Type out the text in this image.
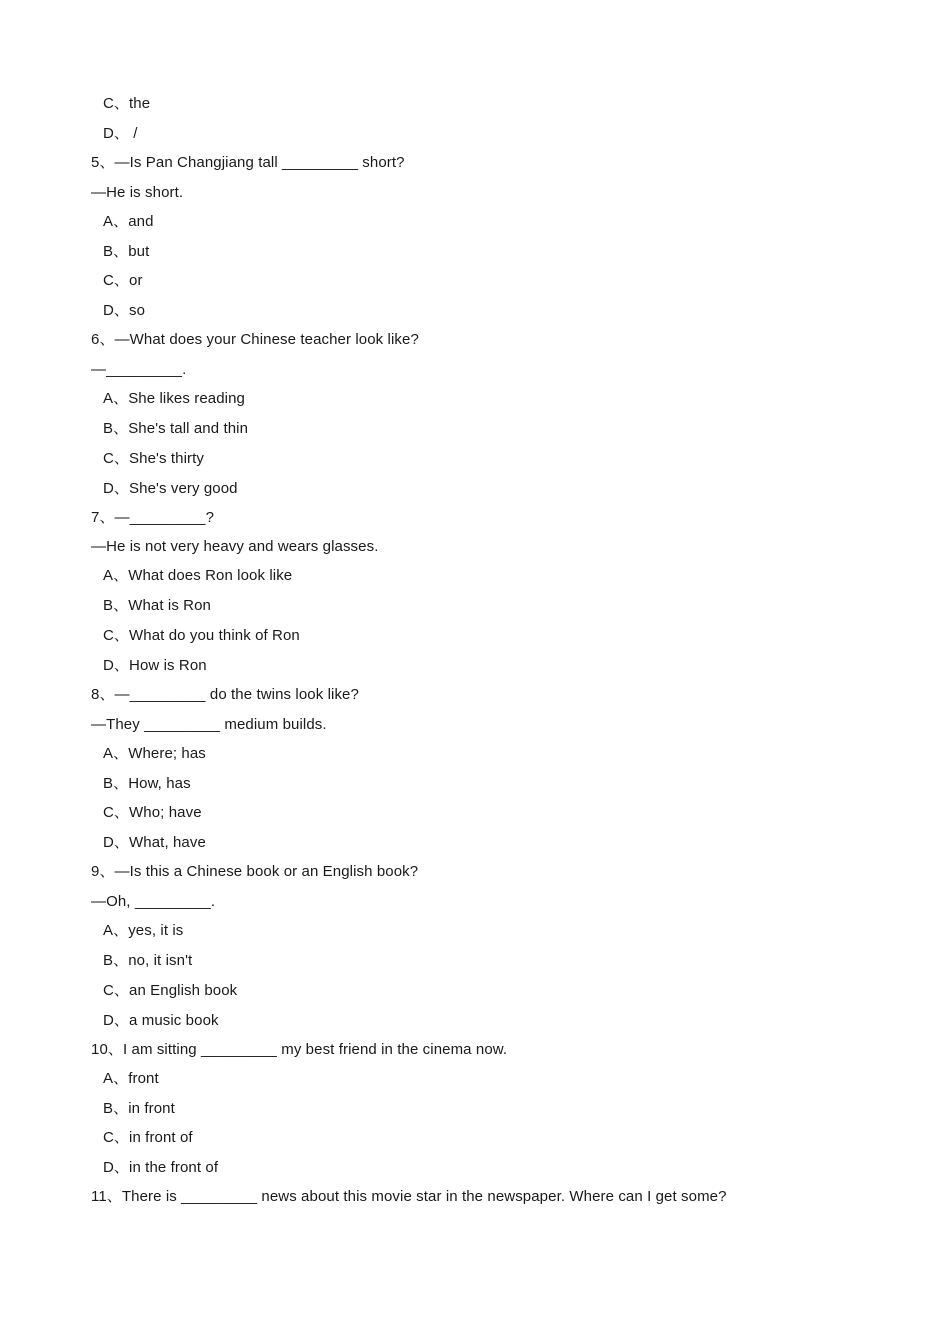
C、the
D、 /
5、—Is Pan Changjiang tall _________ short?
—He is short.
A、and
B、but
C、or
D、so
6、—What does your Chinese teacher look like?
—_________.
A、She likes reading
B、She's tall and thin
C、She's thirty
D、She's very good
7、—_________?
—He is not very heavy and wears glasses.
A、What does Ron look like
B、What is Ron
C、What do you think of Ron
D、How is Ron
8、—_________ do the twins look like?
—They _________ medium builds.
A、Where; has
B、How, has
C、Who; have
D、What, have
9、—Is this a Chinese book or an English book?
—Oh, _________.
A、yes, it is
B、no, it isn't
C、an English book
D、a music book
10、I am sitting _________ my best friend in the cinema now.
A、front
B、in front
C、in front of
D、in the front of
11、There is _________ news about this movie star in the newspaper. Where can I get some?
